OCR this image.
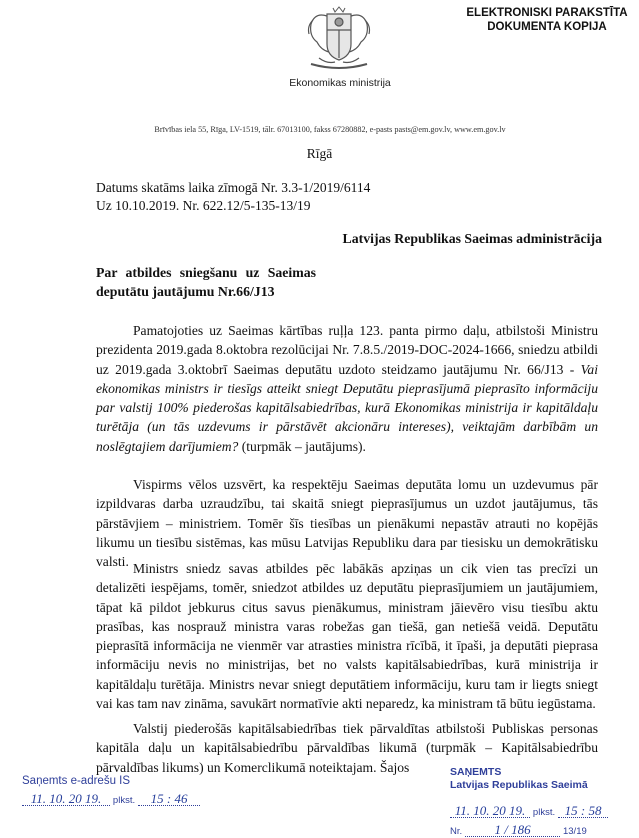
ELEKTRONISKI PARAKSTĪTA
DOKUMENTA KOPIJA
Ekonomikas ministrija
Brīvības iela 55, Rīga, LV-1519, tālr. 67013100, fakss 67280882, e-pasts pasts@em.gov.lv, www.em.gov.lv
Rīgā
Datums skatāms laika zīmogā Nr. 3.3-1/2019/6114
Uz 10.10.2019. Nr. 622.12/5-135-13/19
Latvijas Republikas Saeimas administrācija
Par atbildes sniegšanu uz Saeimas deputātu jautājumu Nr.66/J13
Pamatojoties uz Saeimas kārtības ruļļa 123. panta pirmo daļu, atbilstoši Ministru prezidenta 2019.gada 8.oktobra rezolūcijai Nr. 7.8.5./2019-DOC-2024-1666, sniedzu atbildi uz 2019.gada 3.oktobrī Saeimas deputātu uzdoto steidzamo jautājumu Nr. 66/J13 - Vai ekonomikas ministrs ir tiesīgs atteikt sniegt Deputātu pieprasījumā pieprasīto informāciju par valstij 100% piederošas kapitālsabiedrības, kurā Ekonomikas ministrija ir kapitāldaļu turētāja (un tās uzdevums ir pārstāvēt akcionāru intereses), veiktajām darbībām un noslēgtajiem darījumiem? (turpmāk – jautājums).
Vispirms vēlos uzsvērt, ka respektēju Saeimas deputāta lomu un uzdevumus pār izpildvaras darba uzraudzību, tai skaitā sniegt pieprasījumus un uzdot jautājumus, tās pārstāvjiem – ministriem. Tomēr šīs tiesības un pienākumi nepastāv atrauti no kopējās likumu un tiesību sistēmas, kas mūsu Latvijas Republiku dara par tiesisku un demokrātisku valsti. Ministrs sniedz savas atbildes pēc labākās apziņas un cik vien tas precīzi un detalizēti iespējams, tomēr, sniedzot atbildes uz deputātu pieprasījumiem un jautājumiem, tāpat kā pildot jebkurus citus savus pienākumus, ministram jāievēro visu tiesību aktu prasības, kas nosprauž ministra varas robežas gan tiešā, gan netiešā veidā. Deputātu pieprasītā informācija ne vienmēr var atrasties ministra rīcībā, it īpaši, ja deputāti pieprasa informāciju nevis no ministrijas, bet no valsts kapitālsabiedrības, kurā ministrija ir kapitāldaļu turētāja. Ministrs nevar sniegt deputātiem informāciju, kuru tam ir liegts sniegt vai kas tam nav zināma, savukārt normatīvie akti neparedz, ka ministram tā būtu iegūstama.
Valstij piederošās kapitālsabiedrības tiek pārvaldītas atbilstoši Publiskas personas kapitāla daļu un kapitālsabiedrību pārvaldības likumā (turpmāk – Kapitālsabiedrību pārvaldības likums) un Komerclikumā noteiktajam. Šajos
Saņemts e-adrešu IS
11. 10. 20 19. plkst. 15 : 46
SAŅEMTS
Latvijas Republikas Saeimā
11. 10. 20 19. plkst. 15 : 58
Nr. 1 / 186	13/19
